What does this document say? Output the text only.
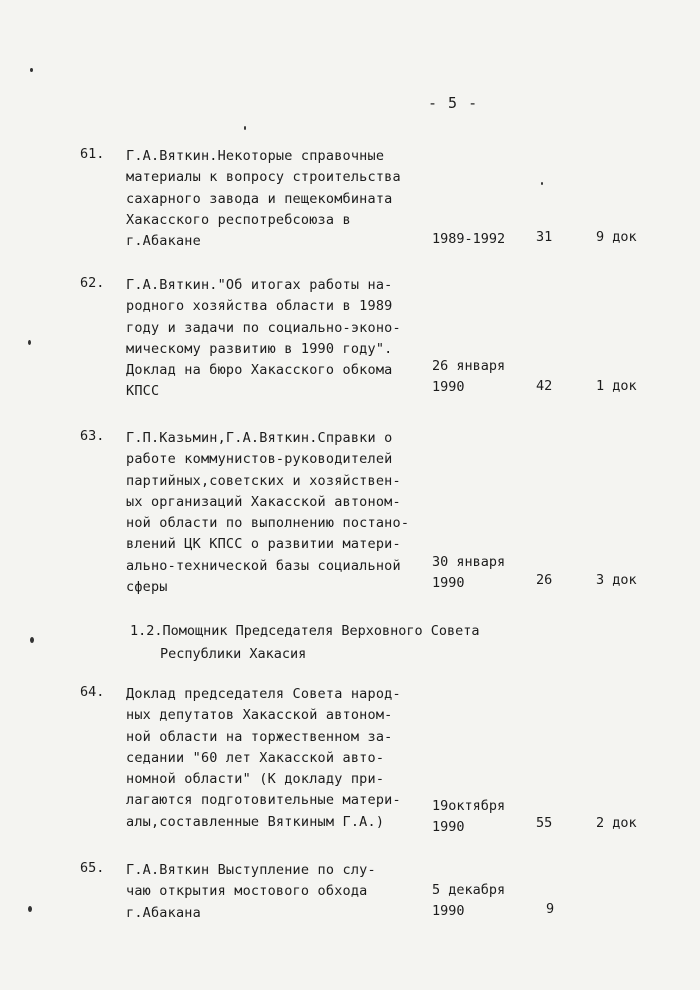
- 5 -
61. Г.А.Вяткин.Некоторые справочные
материалы к вопросу строительства
сахарного завода и пещекомбината
Хакасского респотребсоюза в
г.Абакане	1989-1992	31	9 док
62. Г.А.Вяткин."Об итогах работы на-
родного хозяйства области в 1989
году и задачи по социально-эконо-
мическому развитию в 1990 году".
Доклад на бюро Хакасского обкома
КПСС
26 января
1990	42	1 док
63. Г.П.Казьмин,Г.А.Вяткин.Справки о
работе коммунистов-руководителей
партийных,советских и хозяйствен-
ых организаций Хакасской автоном-
ной области по выполнению постано-
влений ЦК КПСС о развитии матери-
ально-технической базы социальной
сферы
30 января
1990	26	3 док
1.2.Помощник Председателя Верховного Совета
Республики Хакасия
64. Доклад председателя Совета народ-
ных депутатов Хакасской автоном-
ной области на торжественном за-
седании "60 лет Хакасской авто-
номной области" (К докладу при-
лагаются подготовительные матери-
алы,составленные Вяткиным Г.А.)
19октября
1990	55	2 док
65. Г.А.Вяткин Выступление по слу-
чаю открытия мостового обхода
г.Абакана
5 декабря
1990	9
